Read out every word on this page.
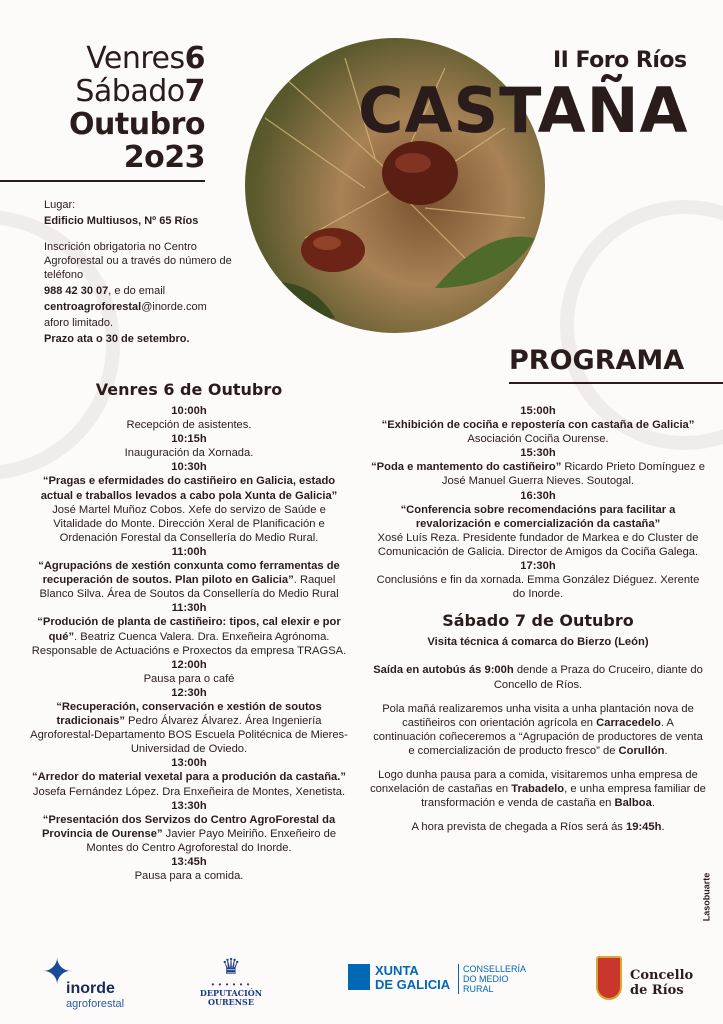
Venres6
Sábado7
Outubro
2o23

Lugar:

Edificio Multiusos, Nº 65 Ríos

Inscrición obrigatoria no Centro Agroforestal ou a través do número de teléfono

988 42 30 07, e do email

centroagroforestal@inorde.com

aforo limitado.

Prazo ata o 30 de setembro.

II Foro Ríos
CASTAÑA
PROGRAMA
Venres 6 de Outubro
10:00h
Recepción de asistentes.
10:15h
Inauguración da Xornada.
10:30h
“Pragas e efermidades do castiñeiro en Galicia, estado actual e traballos levados a cabo pola Xunta de Galicia” José Martel Muñoz Cobos. Xefe do servizo de Saúde e Vitalidade do Monte. Dirección Xeral de Planificación e Ordenación Forestal da Consellería do Medio Rural.
11:00h
“Agrupacións de xestión conxunta como ferramentas de recuperación de soutos. Plan piloto en Galicia”. Raquel Blanco Silva. Área de Soutos da Consellería do Medio Rural
11:30h
“Produción de planta de castiñeiro: tipos, cal elexir e por qué”. Beatriz Cuenca Valera. Dra. Enxeñeira Agrónoma. Responsable de Actuacións e Proxectos da empresa TRAGSA.
12:00h
Pausa para o café
12:30h
“Recuperación, conservación e xestión de soutos tradicionais” Pedro Álvarez Álvarez. Área Ingeniería Agroforestal-Departamento BOS Escuela Politécnica de Mieres-Universidad de Oviedo.
13:00h
“Arredor do material vexetal para a produción da castaña.” Josefa Fernández López. Dra Enxeñeira de Montes, Xenetista.
13:30h
“Presentación dos Servizos do Centro AgroForestal da Provincia de Ourense” Javier Payo Meiriño. Enxeñeiro de Montes do Centro Agroforestal do Inorde.
13:45h
Pausa para a comida.
15:00h
“Exhibición de cociña e repostería con castaña de Galicia”
Asociación Cociña Ourense.
15:30h
“Poda e mantemento do castiñeiro” Ricardo Prieto Domínguez e José Manuel Guerra Nieves. Soutogal.
16:30h
“Conferencia sobre recomendacións para facilitar a revalorización e comercialización da castaña”
Xosé Luís Reza. Presidente fundador de Markea e do Cluster de Comunicación de Galicia. Director de Amigos da Cociña Galega.
17:30h
Conclusións e fin da xornada. Emma González Diéguez. Xerente do Inorde.
Sábado 7 de Outubro
Visita técnica á comarca do Bierzo (León)
Saída en autobús ás 9:00h dende a Praza do Cruceiro, diante do Concello de Ríos.
Pola mañá realizaremos unha visita a unha plantación nova de castiñeiros con orientación agrícola en Carracedelo. A continuación coñeceremos a “Agrupación de productores de venta e comercialización de producto fresco” de Corullón.
Logo dunha pausa para a comida, visitaremos unha empresa de conxelación de castañas en Trabadelo, e unha empresa familiar de transformación e venda de castaña en Balboa.
A hora prevista de chegada a Ríos será ás 19:45h.
Lasobuarte
✦
inorde
agroforestal
♛
• • • • • •
DEPUTACIÓN
OURENSE
XUNTA
DE GALICIA
CONSELLERÍA
DO MEDIO
RURAL
Concello
de Ríos
